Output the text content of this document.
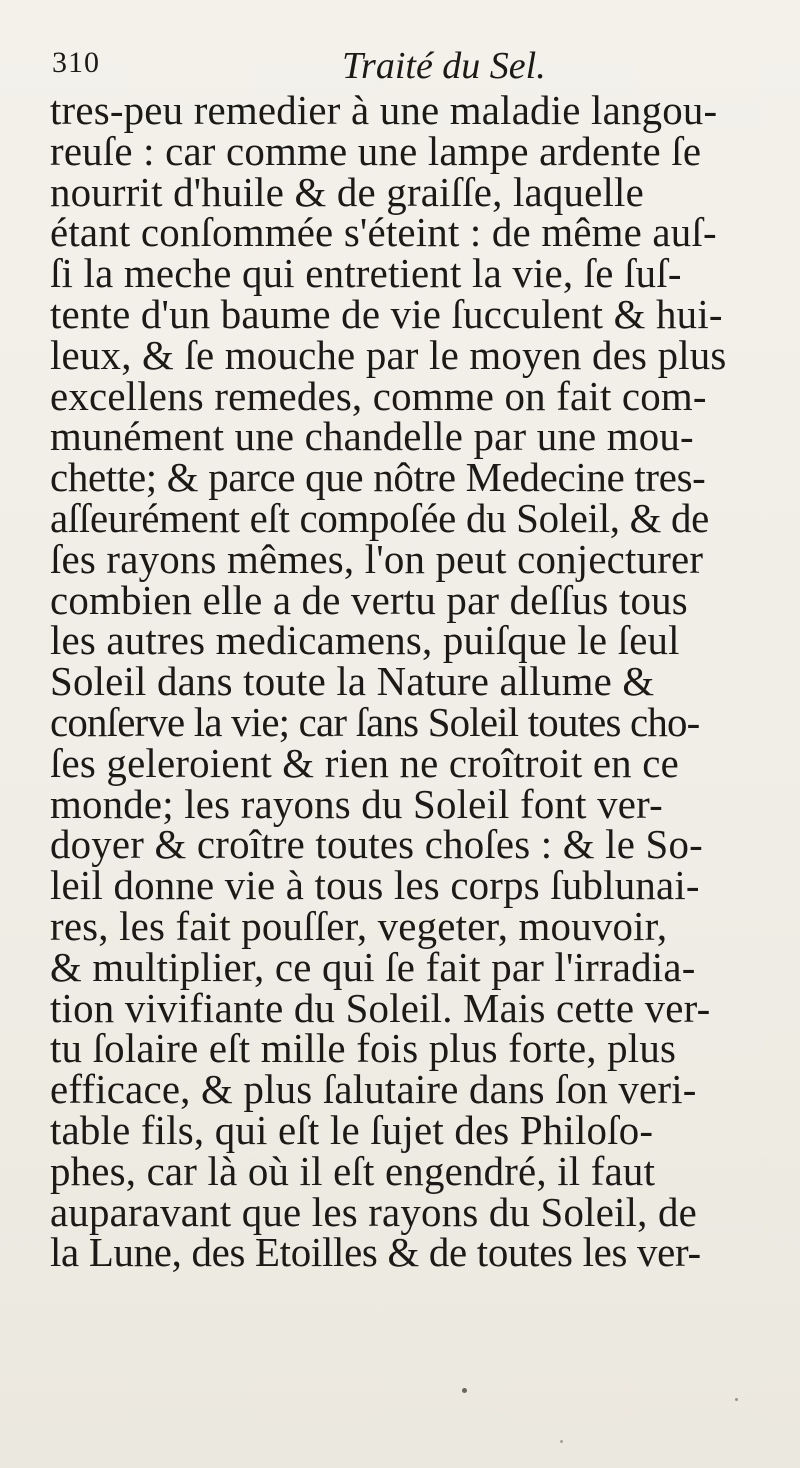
310	Traité du Sel.
tres-peu remedier à une maladie langou-
reuſe : car comme une lampe ardente ſe
nourrit d'huile & de graiſſe, laquelle
étant conſommée s'éteint : de même auſ-
ſi la meche qui entretient la vie, ſe ſuſ-
tente d'un baume de vie ſucculent & hui-
leux, & ſe mouche par le moyen des plus
excellens remedes, comme on fait com-
munément une chandelle par une mou-
chette; & parce que nôtre Medecine tres-
aſſeurément eſt compoſée du Soleil, & de
ſes rayons mêmes, l'on peut conjecturer
combien elle a de vertu par deſſus tous
les autres medicamens, puiſque le ſeul
Soleil dans toute la Nature allume &
conſerve la vie; car ſans Soleil toutes cho-
ſes geleroient & rien ne croîtroit en ce
monde; les rayons du Soleil font ver-
doyer & croître toutes choſes : & le So-
leil donne vie à tous les corps ſublunai-
res, les fait pouſſer, vegeter, mouvoir,
& multiplier, ce qui ſe fait par l'irradia-
tion vivifiante du Soleil. Mais cette ver-
tu ſolaire eſt mille fois plus forte, plus
efficace, & plus ſalutaire dans ſon veri-
table fils, qui eſt le ſujet des Philoſo-
phes, car là où il eſt engendré, il faut
auparavant que les rayons du Soleil, de
la Lune, des Etoilles & de toutes les ver-
